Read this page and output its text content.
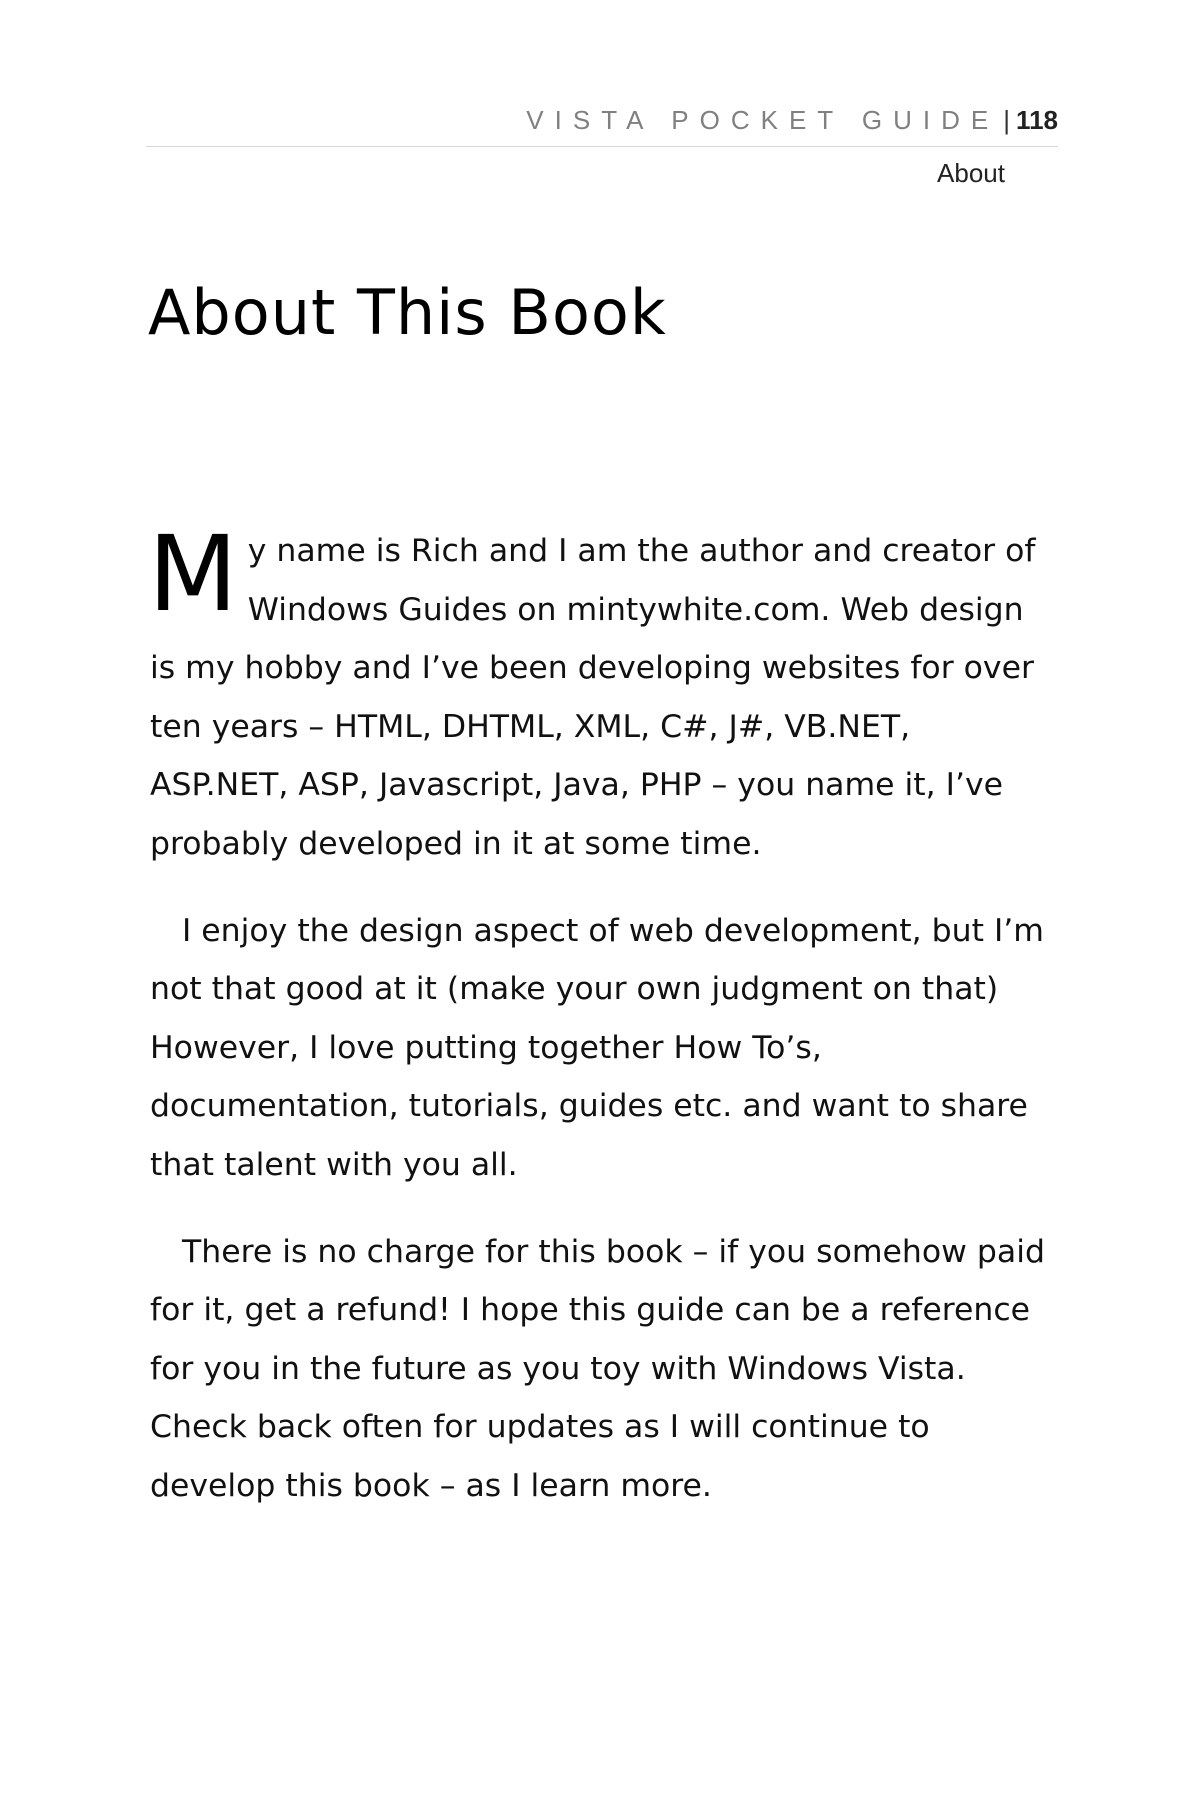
VISTA POCKET GUIDE | 118
About
About This Book

My name is Rich and I am the author and creator of Windows Guides on mintywhite.com. Web design is my hobby and I’ve been developing websites for over ten years – HTML, DHTML, XML, C#, J#, VB.NET, ASP.NET, ASP, Javascript, Java, PHP – you name it, I’ve probably developed in it at some time.

I enjoy the design aspect of web development, but I’m not that good at it (make your own judgment on that) However, I love putting together How To’s, documentation, tutorials, guides etc. and want to share that talent with you all.

There is no charge for this book – if you somehow paid for it, get a refund! I hope this guide can be a reference for you in the future as you toy with Windows Vista. Check back often for updates as I will continue to develop this book – as I learn more.
